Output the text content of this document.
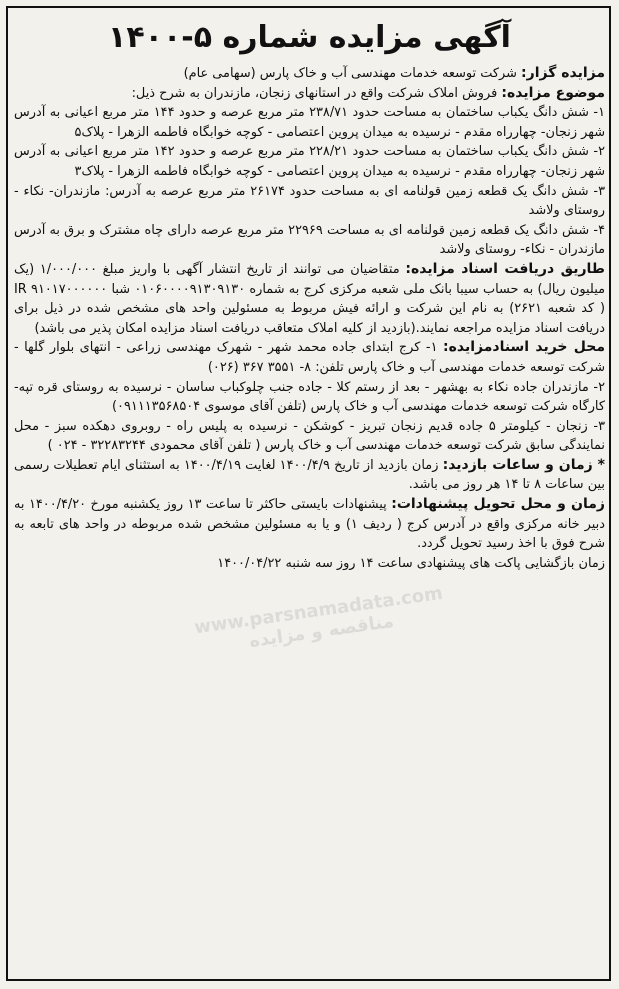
آگهی مزایده شماره ۵-۱۴۰۰

مزایده گزار: شرکت توسعه خدمات مهندسی آب و خاک پارس (سهامی عام)

موضوع مزایده: فروش املاک شرکت واقع در استانهای زنجان، مازندران به شرح ذیل:

۱- شش دانگ یکباب ساختمان به مساحت حدود ۲۳۸/۷۱ متر مربع عرصه و حدود ۱۴۴ متر مربع اعیانی به آدرس شهر زنجان- چهارراه مقدم - نرسیده به میدان پروین اعتصامی - کوچه خوابگاه فاطمه الزهرا - پلاک۵

۲- شش دانگ یکباب ساختمان به مساحت حدود ۲۲۸/۲۱ متر مربع عرصه و حدود ۱۴۲ متر مربع اعیانی به آدرس شهر زنجان- چهارراه مقدم - نرسیده به میدان پروین اعتصامی - کوچه خوابگاه فاطمه الزهرا - پلاک۳

۳- شش دانگ یک قطعه زمین قولنامه ای به مساحت حدود ۲۶۱۷۴ متر مربع عرصه به آدرس: مازندران- نکاء - روستای ولاشد

۴- شش دانگ یک قطعه زمین قولنامه ای به مساحت ۲۲۹۶۹ متر مربع عرصه دارای چاه مشترک و برق به آدرس مازندران - نکاء- روستای ولاشد

طاریق دریافت اسناد مزایده: متقاضیان می توانند از تاریخ انتشار آگهی با واریز مبلغ ۱/۰۰۰/۰۰۰ (یک میلیون ریال) به حساب سیبا بانک ملی شعبه مرکزی کرج به شماره ۰۱۰۶۰۰۰۰۹۱۳۰۹۱۳۰ شبا IR ۹۱۰۱۷۰۰۰۰۰۰ ( کد شعبه ۲۶۲۱) به نام این شرکت و ارائه فیش مربوط به مسئولین واحد های مشخص شده در ذیل برای دریافت اسناد مزایده مراجعه نمایند.(بازدید از کلیه املاک متعاقب دریافت اسناد مزایده امکان پذیر می باشد)

محل خرید اسنادمزایده: ۱- کرج ابتدای جاده محمد شهر - شهرک مهندسی زراعی - انتهای بلوار گلها - شرکت توسعه خدمات مهندسی آب و خاک پارس تلفن: ۸- ۳۵۵۱ ۳۶۷ (۰۲۶)

۲- مازندران جاده نکاء به بهشهر - بعد از رستم کلا - جاده جنب چلوکباب ساسان - نرسیده به روستای قره تپه- کارگاه شرکت توسعه خدمات مهندسی آب و خاک پارس (تلفن آقای موسوی ۰۹۱۱۱۳۵۶۸۵۰۴)

۳- زنجان - کیلومتر ۵ جاده قدیم زنجان تبریز - کوشکن - نرسیده به پلیس راه - روبروی دهکده سبز - محل نمایندگی سابق شرکت توسعه خدمات مهندسی آب و خاک پارس ( تلفن آقای محمودی ۳۲۲۸۳۲۴۴ - ۰۲۴ )

* زمان و ساعات بازدید: زمان بازدید از تاریخ ۱۴۰۰/۴/۹ لغایت ۱۴۰۰/۴/۱۹ به استثنای ایام تعطیلات رسمی بین ساعات ۸ تا ۱۴ هر روز می باشد.

زمان و محل تحویل پیشنهادات: پیشنهادات بایستی حاکثر تا ساعت ۱۳ روز یکشنبه مورخ ۱۴۰۰/۴/۲۰ به دبیر خانه مرکزی واقع در آدرس کرج ( ردیف ۱) و یا به مسئولین مشخص شده مربوطه در واحد های تابعه به شرح فوق با اخذ رسید تحویل گردد.

زمان بازگشایی پاکت های پیشنهادی ساعت ۱۴ روز سه شنبه ۱۴۰۰/۰۴/۲۲

www.parsnamadata.com مناقصه و مزایده
